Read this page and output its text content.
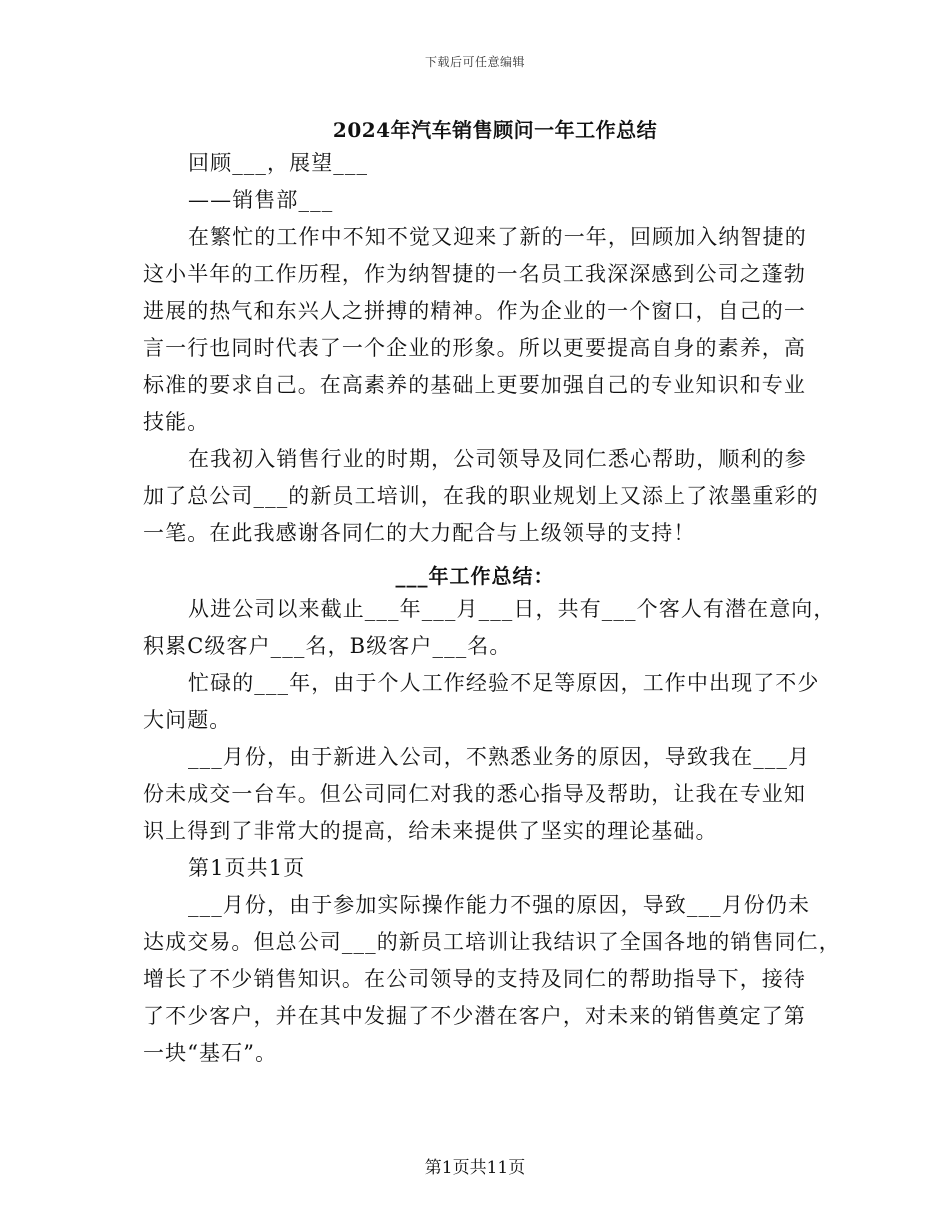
下载后可任意编辑
2024年汽车销售顾问一年工作总结
回顾___，展望___
——销售部___
在繁忙的工作中不知不觉又迎来了新的一年，回顾加入纳智捷的
这小半年的工作历程，作为纳智捷的一名员工我深深感到公司之蓬勃
进展的热气和东兴人之拼搏的精神。作为企业的一个窗口，自己的一
言一行也同时代表了一个企业的形象。所以更要提高自身的素养，高
标准的要求自己。在高素养的基础上更要加强自己的专业知识和专业
技能。
在我初入销售行业的时期，公司领导及同仁悉心帮助，顺利的参
加了总公司___的新员工培训，在我的职业规划上又添上了浓墨重彩的
一笔。在此我感谢各同仁的大力配合与上级领导的支持！
___年工作总结：
从进公司以来截止___年___月___日，共有___个客人有潜在意向，
积累C级客户___名，B级客户___名。
忙碌的___年，由于个人工作经验不足等原因，工作中出现了不少
大问题。
___月份，由于新进入公司，不熟悉业务的原因，导致我在___月
份未成交一台车。但公司同仁对我的悉心指导及帮助，让我在专业知
识上得到了非常大的提高，给未来提供了坚实的理论基础。
第1页共1页
___月份，由于参加实际操作能力不强的原因，导致___月份仍未
达成交易。但总公司___的新员工培训让我结识了全国各地的销售同仁，
增长了不少销售知识。在公司领导的支持及同仁的帮助指导下，接待
了不少客户，并在其中发掘了不少潜在客户，对未来的销售奠定了第
一块“基石”。
第1页共11页
